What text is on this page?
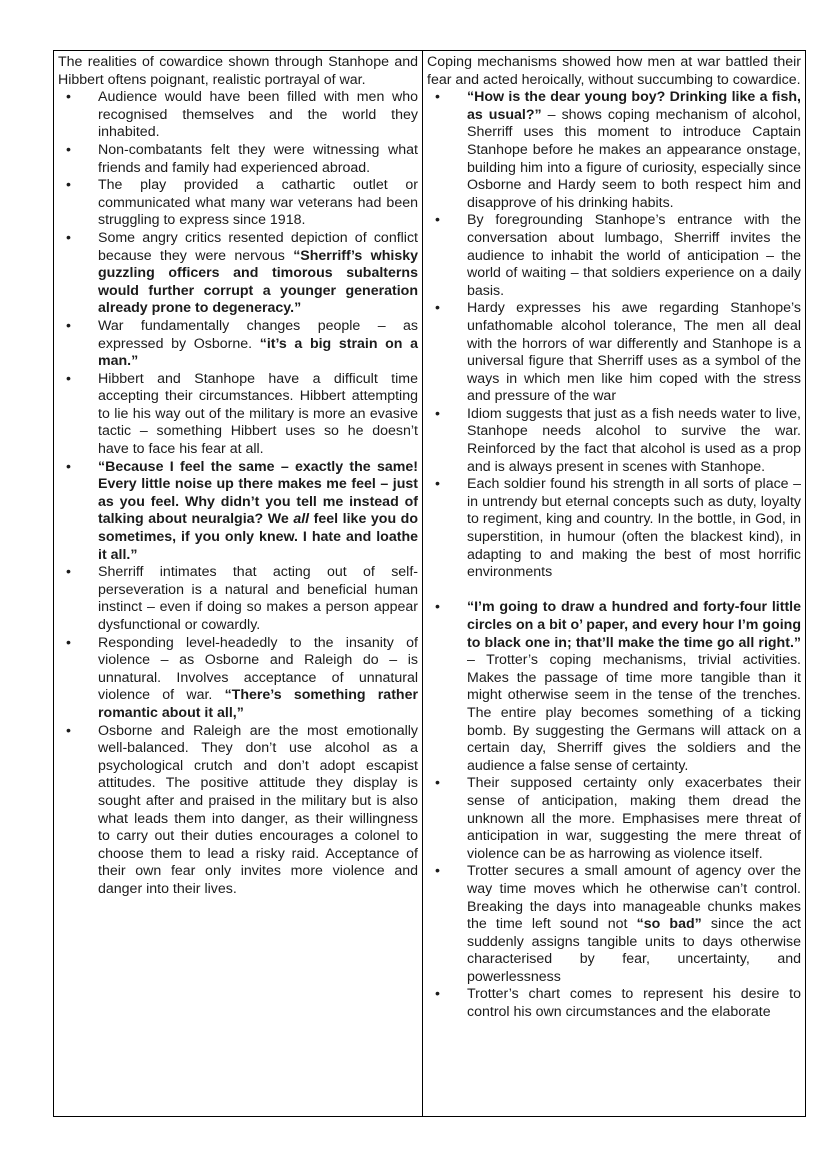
The realities of cowardice shown through Stanhope and Hibbert oftens poignant, realistic portrayal of war.

• Audience would have been filled with men who recognised themselves and the world they inhabited.
• Non-combatants felt they were witnessing what friends and family had experienced abroad.
• The play provided a cathartic outlet or communicated what many war veterans had been struggling to express since 1918.
• Some angry critics resented depiction of conflict because they were nervous “Sherriff’s whisky guzzling officers and timorous subalterns would further corrupt a younger generation already prone to degeneracy.”
• War fundamentally changes people – as expressed by Osborne. “it’s a big strain on a man.”
• Hibbert and Stanhope have a difficult time accepting their circumstances. Hibbert attempting to lie his way out of the military is more an evasive tactic – something Hibbert uses so he doesn’t have to face his fear at all.
• “Because I feel the same – exactly the same! Every little noise up there makes me feel – just as you feel. Why didn’t you tell me instead of talking about neuralgia? We all feel like you do sometimes, if you only knew. I hate and loathe it all.”
• Sherriff intimates that acting out of self-perseveration is a natural and beneficial human instinct – even if doing so makes a person appear dysfunctional or cowardly.
• Responding level-headedly to the insanity of violence – as Osborne and Raleigh do – is unnatural. Involves acceptance of unnatural violence of war. “There’s something rather romantic about it all,”
• Osborne and Raleigh are the most emotionally well-balanced. They don’t use alcohol as a psychological crutch and don’t adopt escapist attitudes. The positive attitude they display is sought after and praised in the military but is also what leads them into danger, as their willingness to carry out their duties encourages a colonel to choose them to lead a risky raid. Acceptance of their own fear only invites more violence and danger into their lives.

Coping mechanisms showed how men at war battled their fear and acted heroically, without succumbing to cowardice.

• “How is the dear young boy? Drinking like a fish, as usual?” – shows coping mechanism of alcohol, Sherriff uses this moment to introduce Captain Stanhope before he makes an appearance onstage, building him into a figure of curiosity, especially since Osborne and Hardy seem to both respect him and disapprove of his drinking habits.
• By foregrounding Stanhope’s entrance with the conversation about lumbago, Sherriff invites the audience to inhabit the world of anticipation – the world of waiting – that soldiers experience on a daily basis.
• Hardy expresses his awe regarding Stanhope’s unfathomable alcohol tolerance, The men all deal with the horrors of war differently and Stanhope is a universal figure that Sherriff uses as a symbol of the ways in which men like him coped with the stress and pressure of the war
• Idiom suggests that just as a fish needs water to live, Stanhope needs alcohol to survive the war. Reinforced by the fact that alcohol is used as a prop and is always present in scenes with Stanhope.
• Each soldier found his strength in all sorts of place – in untrendy but eternal concepts such as duty, loyalty to regiment, king and country. In the bottle, in God, in superstition, in humour (often the blackest kind), in adapting to and making the best of most horrific environments
• “I’m going to draw a hundred and forty-four little circles on a bit o’ paper, and every hour I’m going to black one in; that’ll make the time go all right.” – Trotter’s coping mechanisms, trivial activities. Makes the passage of time more tangible than it might otherwise seem in the tense of the trenches. The entire play becomes something of a ticking bomb. By suggesting the Germans will attack on a certain day, Sherriff gives the soldiers and the audience a false sense of certainty.
• Their supposed certainty only exacerbates their sense of anticipation, making them dread the unknown all the more. Emphasises mere threat of anticipation in war, suggesting the mere threat of violence can be as harrowing as violence itself.
• Trotter secures a small amount of agency over the way time moves which he otherwise can’t control. Breaking the days into manageable chunks makes the time left sound not “so bad” since the act suddenly assigns tangible units to days otherwise characterised by fear, uncertainty, and powerlessness
• Trotter’s chart comes to represent his desire to control his own circumstances and the elaborate
